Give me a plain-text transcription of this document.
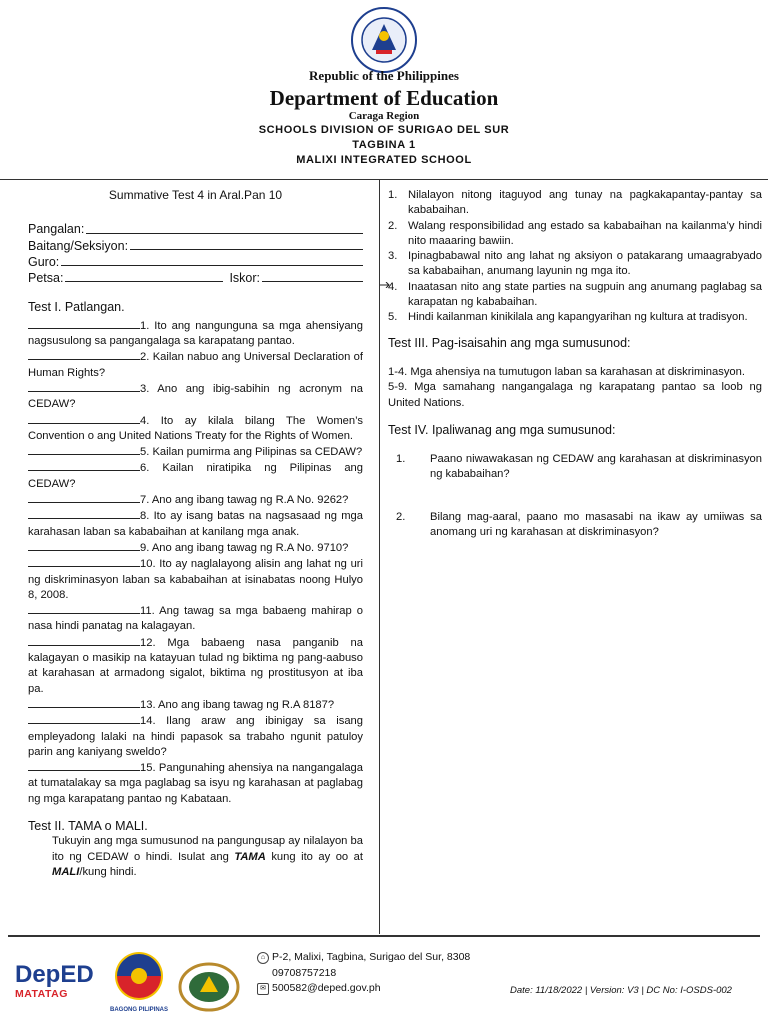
Republic of the Philippines
Department of Education
Caraga Region
SCHOOLS DIVISION OF SURIGAO DEL SUR
TAGBINA 1
MALIXI INTEGRATED SCHOOL
Summative Test 4 in Aral.Pan 10
Pangalan:
Baitang/Seksiyon:
Guro:
Petsa:	Iskor:
Test I. Patlangan.
1. Ito ang nangunguna sa mga ahensiyang nagsusulong sa pangangalaga sa karapatang pantao.
2. Kailan nabuo ang Universal Declaration of Human Rights?
3. Ano ang ibig-sabihin ng acronym na CEDAW?
4. Ito ay kilala bilang The Women’s Convention o ang United Nations Treaty for the Rights of Women.
5. Kailan pumirma ang Pilipinas sa CEDAW?
6. Kailan niratipika ng Pilipinas ang CEDAW?
7. Ano ang ibang tawag ng R.A No. 9262?
8. Ito ay isang batas na nagsasaad ng mga karahasan laban sa kababaihan at kanilang mga anak.
9. Ano ang ibang tawag ng R.A No. 9710?
10. Ito ay naglalayong alisin ang lahat ng uri ng diskriminasyon laban sa kababaihan at isinabatas noong Hulyo 8, 2008.
11. Ang tawag sa mga babaeng mahirap o nasa hindi panatag na kalagayan.
12. Mga babaeng nasa panganib na kalagayan o masikip na katayuan tulad ng biktima ng pang-aabuso at karahasan at armadong sigalot, biktima ng prostitusyon at iba pa.
13. Ano ang ibang tawag ng R.A 8187?
14. Ilang araw ang ibinigay sa isang empleyadong lalaki na hindi papasok sa trabaho ngunit patuloy parin ang kaniyang sweldo?
15. Pangunahing ahensiya na nangangalaga at tumatalakay sa mga paglabag sa isyu ng karahasan at paglabag ng mga karapatang pantao ng Kabataan.
Test II. TAMA o MALI.
Tukuyin ang mga sumusunod na pangungusap ay nilalayon ba ito ng CEDAW o hindi. Isulat ang TAMA kung ito ay oo at MALI/kung hindi.
1. Nilalayon nitong itaguyod ang tunay na pagkakapantay-pantay sa kababaihan.
2. Walang responsibilidad ang estado sa kababaihan na kailanma’y hindi nito maaaring bawiin.
3. Ipinagbabawal nito ang lahat ng aksiyon o patakarang umaagrabyado sa kababaihan, anumang layunin ng mga ito.
4. Inaatasan nito ang state parties na sugpuin ang anumang paglabag sa karapatan ng kababaihan.
5. Hindi kailanman kinikilala ang kapangyarihan ng kultura at tradisyon.
Test III. Pag-isaisahin ang mga sumusunod:
1-4. Mga ahensiya na tumutugon laban sa karahasan at diskriminasyon.
5-9. Mga samahang nangangalaga ng karapatang pantao sa loob ng United Nations.
Test IV. Ipaliwanag ang mga sumusunod:
1.	Paano niwawakasan ng CEDAW ang karahasan at diskriminasyon ng kababaihan?
2.	Bilang mag-aaral, paano mo masasabi na ikaw ay umiiwas sa anomang uri ng karahasan at diskriminasyon?
DepED
MATATAG
BAGONG PILIPINAS
⌂ P-2, Malixi, Tagbina, Surigao del Sur, 8308
09708757218
✉ 500582@deped.gov.ph	Date: 11/18/2022 | Version: V3 | DC No: I-OSDS-002
